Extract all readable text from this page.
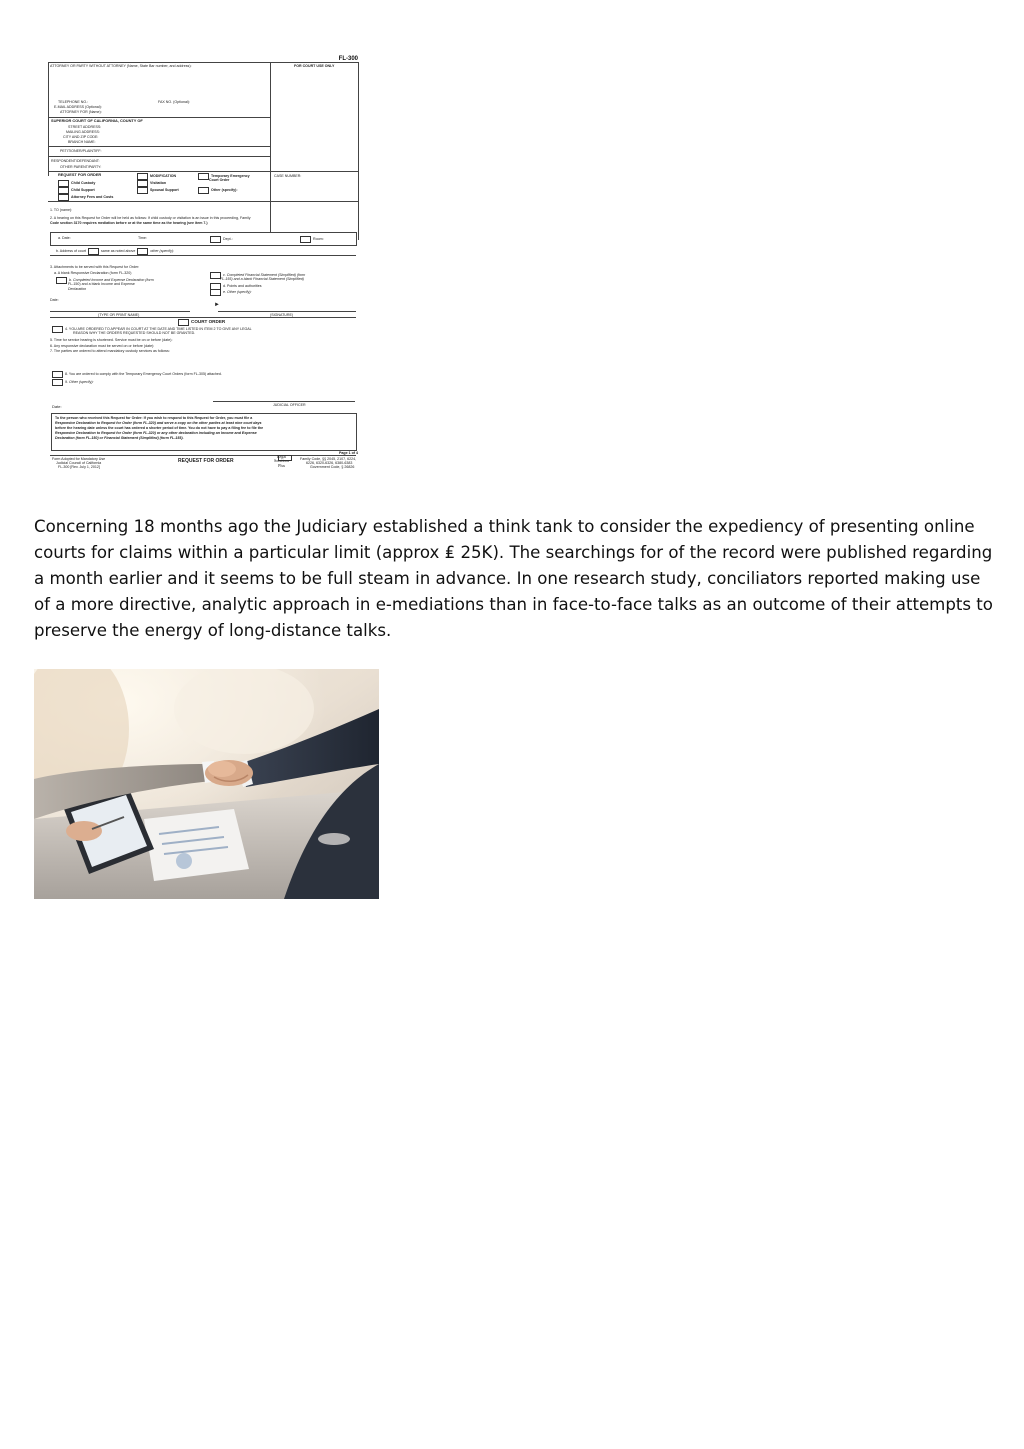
FL-300
ATTORNEY OR PARTY WITHOUT ATTORNEY (Name, State Bar number, and address):	FOR COURT USE ONLY
TELEPHONE NO.:	FAX NO. (Optional):
E-MAIL ADDRESS (Optional):
ATTORNEY FOR (Name):
SUPERIOR COURT OF CALIFORNIA, COUNTY OF
STREET ADDRESS:
MAILING ADDRESS:
CITY AND ZIP CODE:
BRANCH NAME:
PETITIONER/PLAINTIFF:
RESPONDENT/DEFENDANT:
OTHER PARENT/PARTY:
REQUEST FOR ORDER	MODIFICATION	Temporary Emergency
Court Order
CASE NUMBER:
Child Custody	Visitation
Child Support	Spousal Support	Other (specify):
Attorney Fees and Costs
1. TO (name):
2. A hearing on this Request for Order will be held as follows: If child custody or visitation is an issue in this proceeding, Family
Code section 3170 requires mediation before or at the same time as the hearing (see item 7.)
a. Date:	Time:	Dept.:	Room:
b. Address of court	same as noted above	other (specify):
3. Attachments to be served with this Request for Order:
a. A blank Responsive Declaration (form FL-320)
b. Completed Income and Expense Declaration (form
FL-150) and a blank Income and Expense
Declaration
c. Completed Financial Statement (Simplified) (form
FL-155) and a blank Financial Statement (Simplified)
d. Points and authorities
e. Other (specify):
Date:
►
(TYPE OR PRINT NAME)	(SIGNATURE)
COURT ORDER
4. YOU ARE ORDERED TO APPEAR IN COURT AT THE DATE AND TIME LISTED IN ITEM 2 TO GIVE ANY LEGAL
REASON WHY THE ORDERS REQUESTED SHOULD NOT BE GRANTED.
5. Time for service hearing is shortened. Service must be on or before (date):
6. Any responsive declaration must be served on or before (date):
7. The parties are ordered to attend mandatory custody services as follows:
8. You are ordered to comply with the Temporary Emergency Court Orders (form FL-305) attached.
9. Other (specify):
Date:	JUDICIAL OFFICER
To the person who received this Request for Order: If you wish to respond to this Request for Order, you must file a
Responsive Declaration to Request for Order (form FL-320) and serve a copy on the other parties at least nine court days
before the hearing date unless the court has ordered a shorter period of time. You do not have to pay a filing fee to file the
Responsive Declaration to Request for Order (form FL-320) or any other declaration including an Income and Expense
Declaration (form FL-150) or Financial Statement (Simplified) (form FL-155).
Page 1 of 4
Form Adopted for Mandatory Use
Judicial Council of California
FL-300 [Rev. July 1, 2012]
REQUEST FOR ORDER
Legal
Solutions
Plus
Family Code, §§ 2045, 2107, 6224,
6226, 6320-6326, 6380-6383
Government Code, § 26826

Concerning 18 months ago the Judiciary established a think tank to consider the expediency of presenting online courts for claims within a particular limit (approx ₤ 25K). The searchings for of the record were published regarding a month earlier and it seems to be full steam in advance. In one research study, conciliators reported making use of a more directive, analytic approach in e-mediations than in face-to-face talks as an outcome of their attempts to preserve the energy of long-distance talks.
